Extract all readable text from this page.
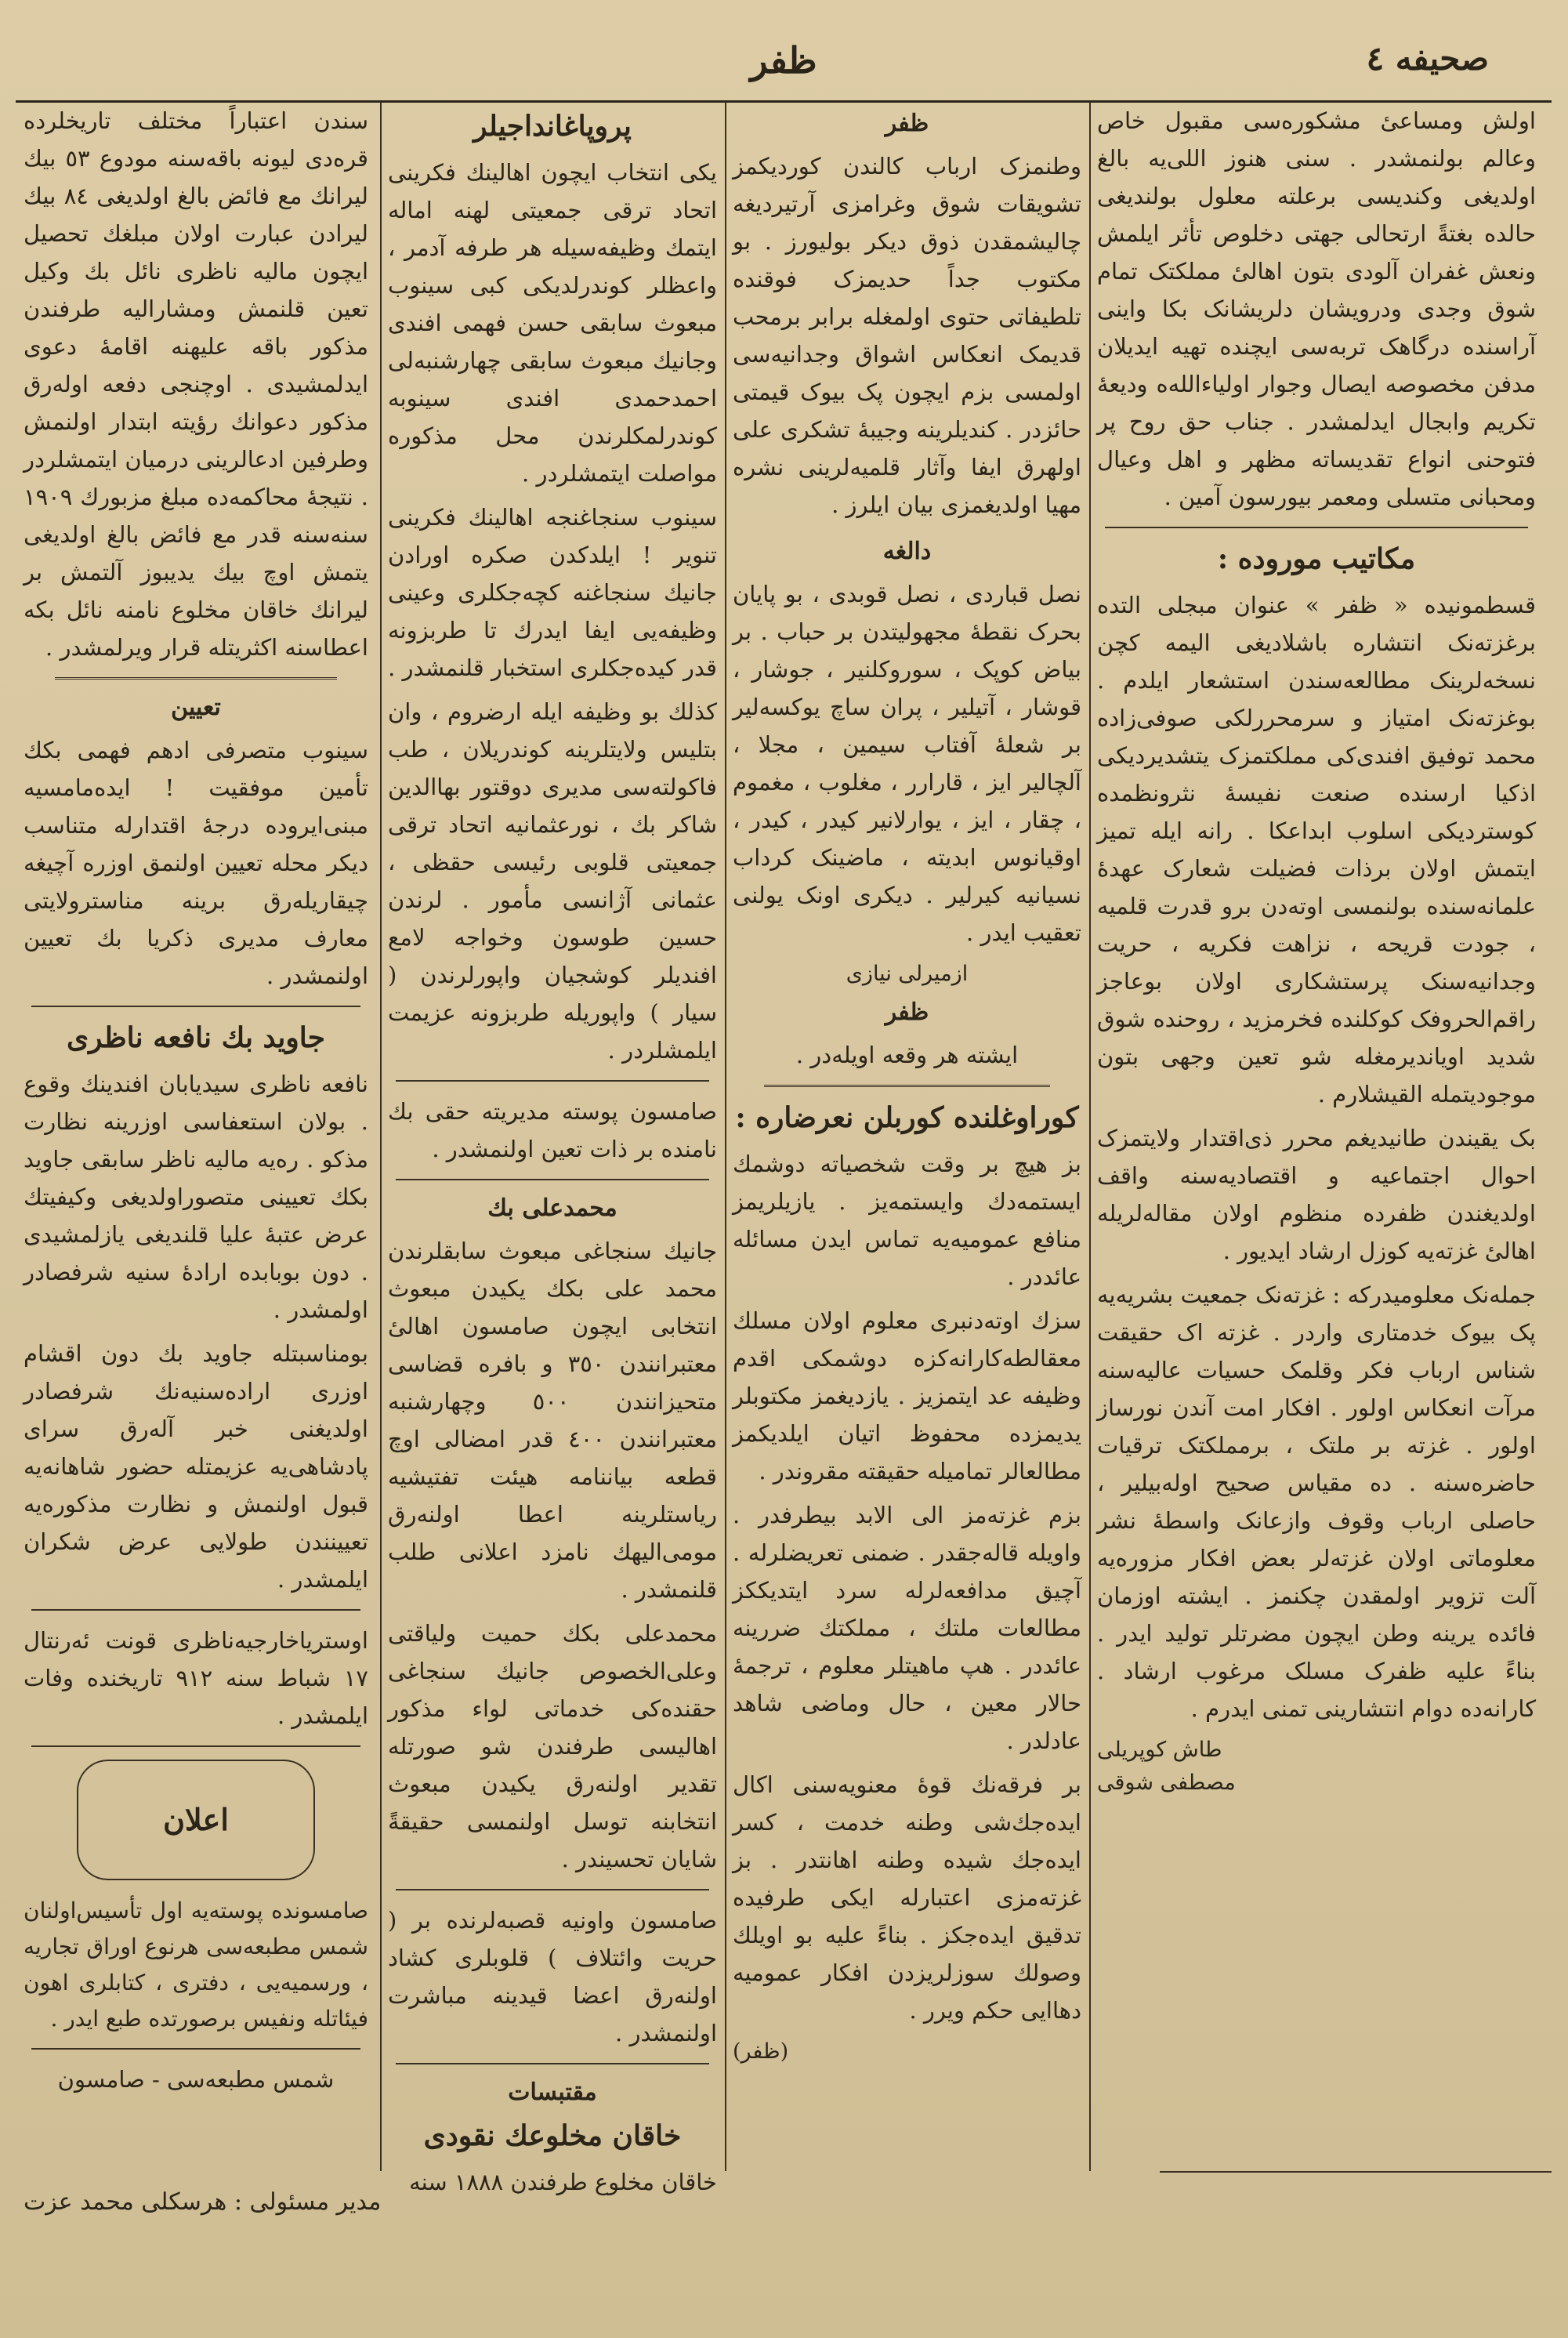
صحیفه ٤
ظفر

اولش ومساعیٔ مشکوره‌سی مقبول خاص وعالم بولنمشدر . سنی هنوز اللی‌یه بالغ اولدیغی وکندیسی برعلته معلول بولندیغی حالده بغتةً ارتحالی جهتی دخلوص تأثر ایلمش ونعش غفران آلودی بتون اهالیٔ مملکتک تمام شوق وجدی ودرویشان دلریشانک بکا واینی آراسنده درگاهک تربه‌سی ایچنده تهیه ایدیلان مدفن مخصوصه ایصال وجوار اولیاءالله‌ه ودیعهٔ تکریم وابجال ایدلمشدر . جناب حق روح پر فتوحنی انواع تقدیساته مظهر و اهل وعیال ومحبانی متسلی ومعمر بیورسون آمین .

مکاتیب موروده :

قسطمونیده « ظفر » عنوان مبجلی التده برغزته‌نک انتشاره باشلادیغی الیمه کچن نسخه‌لرینک مطالعه‌سندن استشعار ایلدم . بوغزته‌نک امتیاز و سرمحررلکی صوفی‌زاده محمد توفیق افندی‌کی مملکتمزک یتشدیردیکی اذکیا ارسنده صنعت نفیسهٔ نثرونظمده کوستردیکی اسلوب ابداعکا . رانه ایله تمیز ایتمش اولان برذات فضیلت شعارک عهدهٔ علمانه‌سنده بولنمسی اوته‌دن برو قدرت قلمیه ، جودت قریحه ، نزاهت فکریه ، حریت وجدانیه‌سنک پرستشکاری اولان بوعاجز راقم‌الحروفک کوکلنده فخرمزید ، روحنده شوق شدید اویاندیرمغله شو تعین وجهی بتون موجودیتمله القیشلارم .

بک یقیندن طانیدیغم محرر ذی‌اقتدار ولایتمزک احوال اجتماعیه و اقتصادیه‌سنه واقف اولدیغندن ظفرده منظوم اولان مقاله‌لریله اهالیٔ غزته‌یه کوزل ارشاد ایدیور .

جمله‌نک معلومیدرکه : غزته‌نک جمعیت بشریه‌یه پک بیوک خدمتاری واردر . غزته‌ اک حقیقت شناس ارباب فکر وقلمک حسیات عالیه‌سنه مرآت انعکاس اولور . افکار امت آندن نورساز اولور . غزته بر ملتک ، برمملکتک ترقیات حاضره‌سنه . ده مقیاس صحیح اوله‌بیلیر ، حاصلی ارباب وقوف وازعانک واسطهٔ نشر معلوماتی اولان غزته‌لر بعض افکار مزوره‌یه آلت تزویر اولمقدن چکنمز . ایشته اوزمان فائده یرینه وطن ایچون مضرتلر تولید ایدر . بناءً علیه ظفرک مسلک مرغوب ارشاد . کارانه‌ده دوام انتشارینی تمنی ایدرم .

طاش کوپریلی
مصطفی شوقی
ظفر

وطنمزک ارباب کالندن کوردیکمز تشویقات شوق وغرامزی آرتیردیغه چالیشمقدن ذوق دیکر بولیورز . بو مکتوب جداً حدیمزک فوقنده تلطیفاتی حتوی اولمغله برابر برمحب قدیمک انعکاس اشواق وجدانیه‌سی اولمسی بزم ایچون پک بیوک قیمتی حائزدر . کندیلرینه وجیبهٔ تشکری علی اولهرق ایفا وآثار قلمیه‌لرینی نشره مهیا اولدیغمزی بیان ایلرز .

دالغه

نصل قباردی ، نصل قوبدی ، بو پایان بحرک نقطهٔ مجهولیتدن بر حباب . بر بیاض کوپک ، سوروکلنیر ، جوشار ، قوشار ، آتیلیر ، پران ساچ یوکسه‌لیر بر شعلهٔ آفتاب سیمین ، مجلا ، آلچالیر ایز ، قارارر ، مغلوب ، مغموم ، چقار ، ایز ، یوارلانیر کیدر ، کیدر ، اوقیانوس ابدیته ، ماضینک کرداب نسیانیه کیرلیر . دیکری اونک یولنی تعقیب ایدر .

ازمیرلی نیازی
ظفر

ایشته هر وقعه اویله‌در .

کوراوغلنده کوربلن نعرضاره :

بز هیچ بر وقت شخصیاته دوشمك ایستمه‌دك وایستمه‌یز . یازیلریمز منافع عمومیه‌یه تماس ایدن مسائله عائددر .

سزك اوته‌دنبری معلوم اولان مسلك معقالطه‌کارانه‌کزه دوشمکی اقدم وظیفه عد ایتمزیز . یازدیغمز مکتوبلر یدیمزده محفوظ اتیان ایلدیکمز مطالعالر تمامیله حقیقته مقروندر .

بزم غزته‌مز الی الابد بیطرفدر . واویله قاله‌جقدر . ضمنی تعریضلرله . آچیق مدافعه‌لرله سرد ایتدیککز مطالعات ملتك ، مملکتك ضررینه عائددر . هپ ماهیتلر معلوم ، ترجمهٔ حالار معین ، حال وماضی شاهد عادلدر .

بر فرقه‌نك قوهٔ معنویه‌سنی اکال ایده‌جك‌شی وطنه خدمت ، کسر ایده‌جك شیده وطنه اهانتدر . بز غزته‌مزی اعتبارله ایکی طرفیده تدقیق ایده‌جکز . بناءً علیه بو اویلك وصولك سوزلریزدن افکار عمومیه دهاایی حکم ویرر .

(ظفر)
پروپاغاندا‌جیلر

یکی انتخاب ایچون اهالینك فکرینی اتحاد ترقی جمعیتی لهنه اماله ایتمك وظیفه‌سیله هر طرفه آدمر ، واعظلر کوندرلدیکی کبی سینوب مبعوث سابقی حسن فهمی افندی وجانیك مبعوث سابقی چهارشنبه‌لی احمدحمدی افندی سینوبه کوندرلمکلرندن محل مذکوره مواصلت ایتمشلردر .

سینوب سنجاغنجه اهالینك فکرینی تنویر ! ایلدکدن صکره اورادن جانیك سنجاغنه کچه‌جکلری وعینی وظیفه‌یی ایفا ایدرك تا طربزونه قدر کیده‌جکلری استخبار قلنمشدر .

کذلك بو وظیفه ایله ارضروم ، وان بتلیس ولایتلرینه کوندریلان ، طب فاکولته‌سی مدیری دوقتور بهاالدین شاکر بك ، نورعثمانیه اتحاد ترقی جمعیتی قلوبی رئیسی حقظی ، عثمانی آژانسی مأمور . لرندن حسین طوسون وخواجه لامع افندیلر کوشجیان واپورلرندن ( سیار ) واپوریله طربزونه عزیمت ایلمشلردر .

صامسون پوسته مدیریته حقی بك نامنده بر ذات تعین اولنمشدر .

محمدعلی بك

جانیك سنجاغی مبعوث سابقلرندن محمد علی بکك یکیدن مبعوث انتخابی ایچون صامسون اهالیٔ معتبرانندن ٣٥٠ و بافره قضاسی متحیزانندن ٥٠٠ وچهارشنبه معتبرانندن ٤٠٠ قدر امضالی اوچ قطعه بیاننامه هیئت تفتیشیه ریاستلرینه اعطا اولنه‌رق مومی‌الیهك نامزد اعلانی طلب قلنمشدر .

محمدعلی بکك حمیت ولیاقتی وعلی‌الخصوص جانیك سنجاغی حقنده‌کی خدماتی لواء مذکور اهالیسی طرفندن شو صورتله تقدیر اولنه‌رق یکیدن مبعوث انتخابنه توسل اولنمسی حقیقةً شایان تحسیندر .

صامسون واونیه قصبه‌لرنده بر ( حریت وائتلاف ) قلوبلری کشاد اولنه‌رق اعضا قیدینه مباشرت اولنمشدر .

مقتبسات
خاقان مخلوعك نقودی

خاقان مخلوع طرفندن ١٨٨٨ سنه‌

سندن اعتباراً مختلف تاریخلرده قرەدی لیونه باقه‌سنه مودوع ٥٣ بیك لیرانك مع فائض بالغ اولدیغی ٨٤ بیك لیرادن عبارت اولان مبلغك تحصیل ایچون مالیه ناظری نائل بك وکیل تعین قلنمش ومشارالیه طرفندن مذکور باقه علیهنه اقامهٔ دعوی ایدلمشیدی . اوچنجی دفعه اوله‌رق مذکور دعوانك رؤیته ابتدار اولنمش وطرفین ادعالرینی درمیان ایتمشلردر . نتیجهٔ محاکمه‌ده مبلغ مزبورك ١٩٠٩ سنه‌سنه قدر مع فائض بالغ اولدیغی یتمش اوچ بیك یدیبوز آلتمش بر لیرانك خاقان مخلوع نامنه نائل بکه اعطاسنه اکثریتله قرار ویرلمشدر .

تعیین

سینوب متصرفی ادهم فهمی بکك تأمین موفقیت ! ایدەمامسیه مبنی‌ایروده درجهٔ اقتدارله متناسب دیکر محله تعیین اولنمق اوزره آچیغه چیقاریله‌رق برینه مناسترولایتی معارف مدیری ذکریا بك تعیین اولنمشدر .

جاوید بك نافعه ناظری

نافعه ناظری سیدیابان افندینك وقوع . بولان استعفاسی اوزرینه نظارت مذکو . رەیه مالیه ناظر سابقی جاوید بکك تعیینی متصوراولدیغی وکیفیتك عرض عتبهٔ علیا قلندیغی یازلمشیدی . دون بوبابده ارادهٔ سنیه شرفصادر اولمشدر .

بومناسبتله جاوید بك دون اقشام اوزری اراده‌سنیه‌نك شرفصادر اولدیغنی خبر آله‌رق سرای پادشاهی‌یه عزیمتله حضور شاهانه‌یه قبول اولنمش و نظارت مذکوره‌یه تعیینندن طولایی عرض شکران ایلمشدر .

اوستریاخارجیه‌ناظری قونت ئه‌رنتال ١٧ شباط سنه ٩١٢ تاریخنده وفات ایلمشدر .

اعلان

صامسونده پوسته‌یه اول تأسیس‌اولنان شمس مطبعه‌سی هرنوع اوراق تجاریه ، ورسمیه‌یی ، دفتری ، کتابلری اهون فیئاتله ونفیس برصورتده طبع ایدر .

شمس مطبعه‌سی - صامسون
مدیر مسئولی : هرسکلی محمد عزت
